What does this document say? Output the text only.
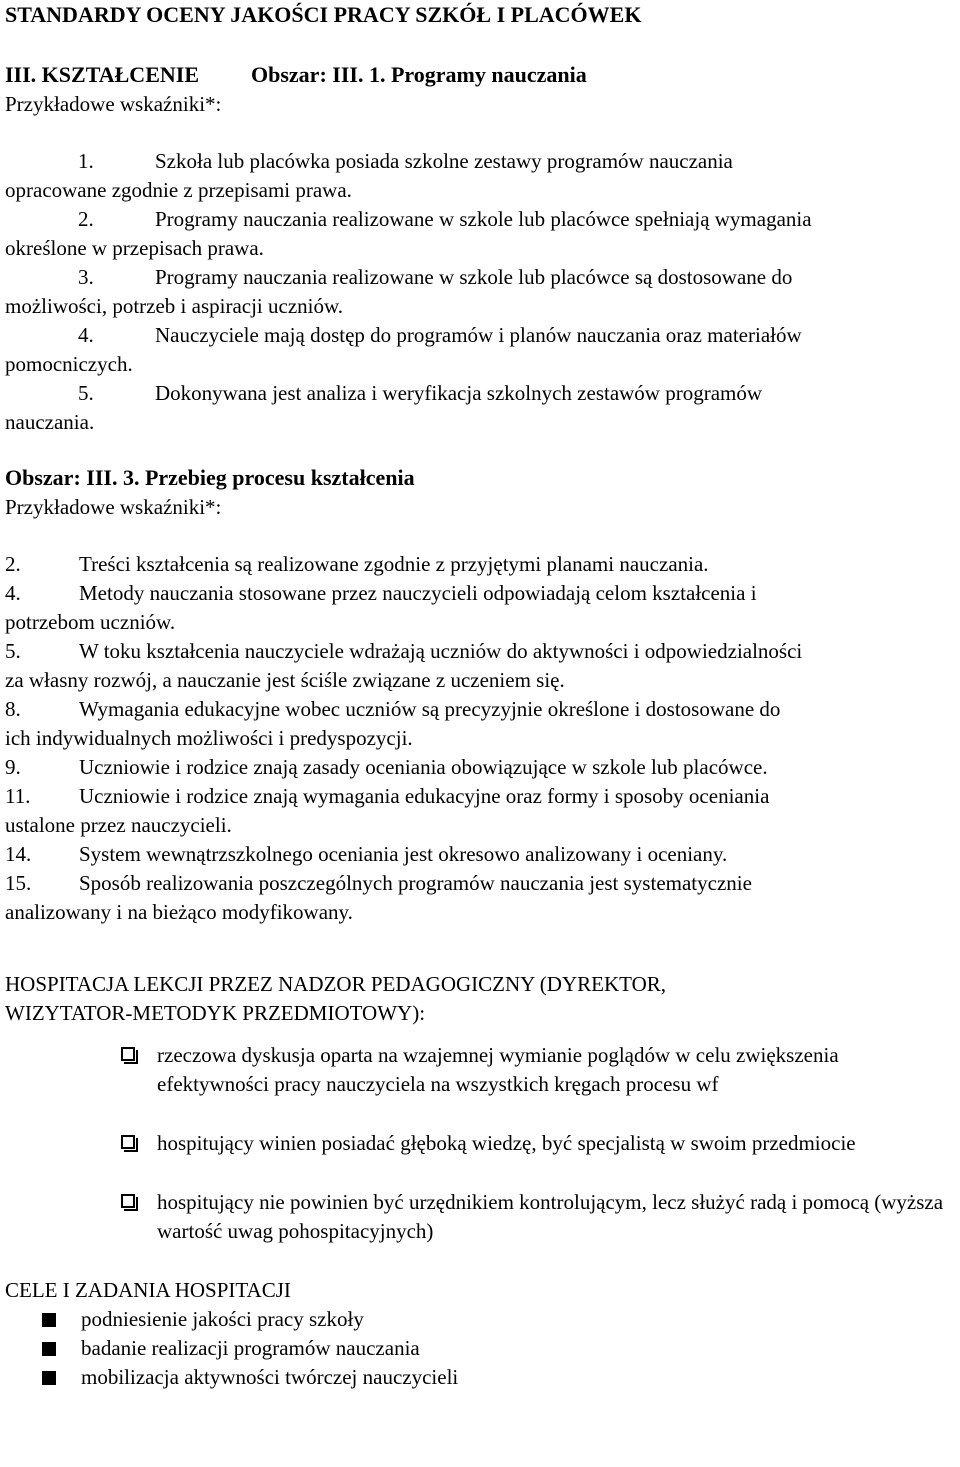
STANDARDY OCENY JAKOŚCI PRACY SZKÓŁ I PLACÓWEK

III. KSZTAŁCENIE Obszar: III. 1. Programy nauczania

Przykładowe wskaźniki*:

1.	Szkoła lub placówka posiada szkolne zestawy programów nauczania
opracowane zgodnie z przepisami prawa.
2.	Programy nauczania realizowane w szkole lub placówce spełniają wymagania
określone w przepisach prawa.
3.	Programy nauczania realizowane w szkole lub placówce są dostosowane do
możliwości, potrzeb i aspiracji uczniów.
4.	Nauczyciele mają dostęp do programów i planów nauczania oraz materiałów
pomocniczych.
5.	Dokonywana jest analiza i weryfikacja szkolnych zestawów programów
nauczania.

Obszar: III. 3. Przebieg procesu kształcenia

Przykładowe wskaźniki*:

2.	Treści kształcenia są realizowane zgodnie z przyjętymi planami nauczania.
4.	Metody nauczania stosowane przez nauczycieli odpowiadają celom kształcenia i
potrzebom uczniów.
5.	W toku kształcenia nauczyciele wdrażają uczniów do aktywności i odpowiedzialności
za własny rozwój, a nauczanie jest ściśle związane z uczeniem się.
8.	Wymagania edukacyjne wobec uczniów są precyzyjnie określone i dostosowane do
ich indywidualnych możliwości i predyspozycji.
9.	Uczniowie i rodzice znają zasady oceniania obowiązujące w szkole lub placówce.
11. Uczniowie i rodzice znają wymagania edukacyjne oraz formy i sposoby oceniania
ustalone przez nauczycieli.
14. System wewnątrzszkolnego oceniania jest okresowo analizowany i oceniany.
15. Sposób realizowania poszczególnych programów nauczania jest systematycznie
analizowany i na bieżąco modyfikowany.

HOSPITACJA LEKCJI PRZEZ NADZOR PEDAGOGICZNY (DYREKTOR,
WIZYTATOR-METODYK PRZEDMIOTOWY):

rzeczowa dyskusja oparta na wzajemnej wymianie poglądów w celu zwiększenia efektywności pracy nauczyciela na wszystkich kręgach procesu wf
hospitujący winien posiadać głęboką wiedzę, być specjalistą w swoim przedmiocie
hospitujący nie powinien być urzędnikiem kontrolującym, lecz służyć radą i pomocą (wyższa wartość uwag pohospitacyjnych)

CELE I ZADANIA HOSPITACJI

podniesienie jakości pracy szkoły
badanie realizacji programów nauczania
mobilizacja aktywności twórczej nauczycieli
